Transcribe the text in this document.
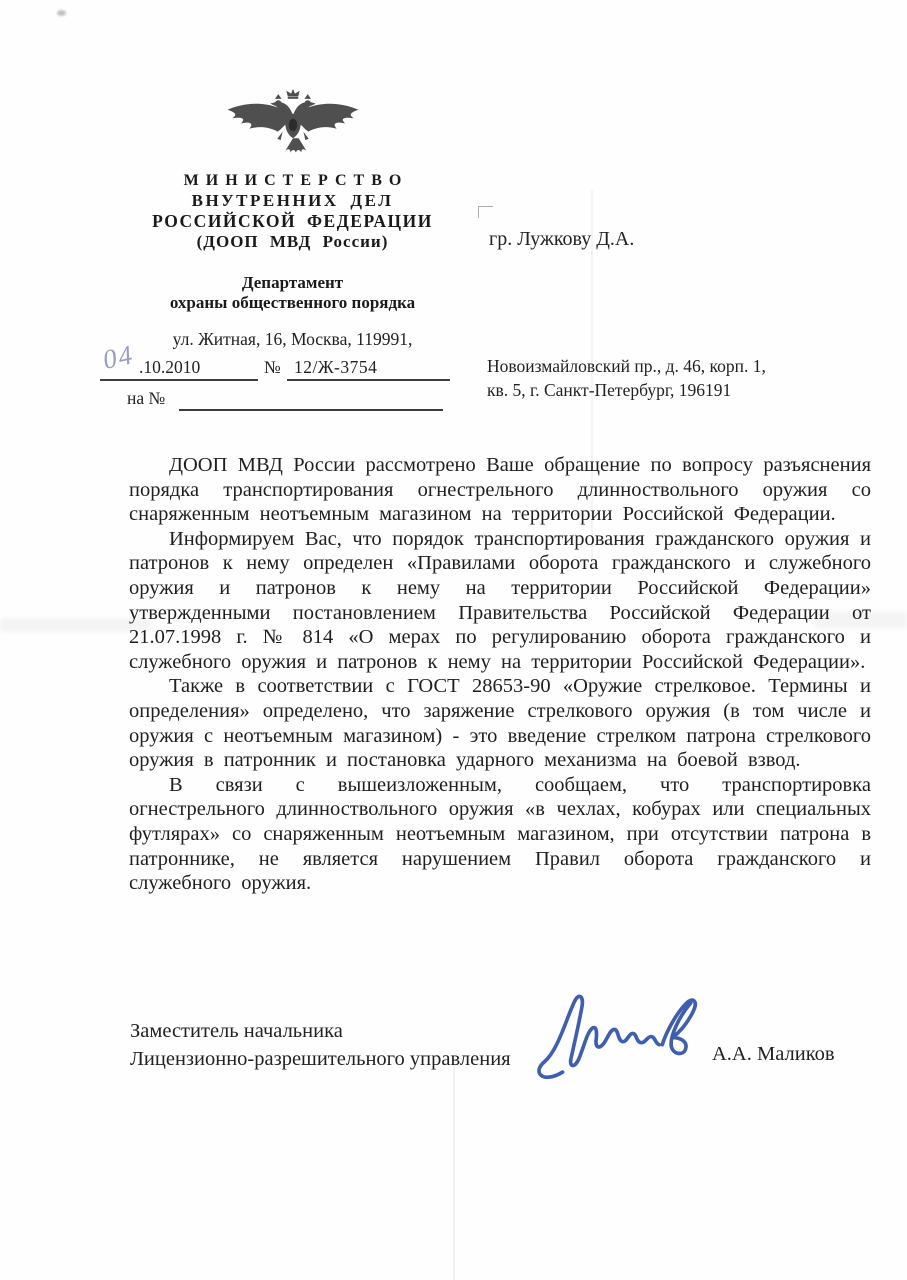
МИНИСТЕРСТВО
ВНУТРЕННИХ ДЕЛ
РОССИЙСКОЙ ФЕДЕРАЦИИ
(ДООП МВД России)
Департамент
охраны общественного порядка
ул. Житная, 16, Москва, 119991,
04 .10.2010	№ 12/Ж-3754
на №
гр. Лужкову Д.А.
Новоизмайловский пр., д. 46, корп. 1,
кв. 5, г. Санкт-Петербург, 196191

ДООП МВД России рассмотрено Ваше обращение по вопросу разъяснения порядка транспортирования огнестрельного длинноствольного оружия со снаряженным неотъемным магазином на территории Российской Федерации.

Информируем Вас, что порядок транспортирования гражданского оружия и патронов к нему определен «Правилами оборота гражданского и служебного оружия и патронов к нему на территории Российской Федерации» утвержденными постановлением Правительства Российской Федерации от 21.07.1998 г. № 814 «О мерах по регулированию оборота гражданского и служебного оружия и патронов к нему на территории Российской Федерации».

Также в соответствии с ГОСТ 28653-90 «Оружие стрелковое. Термины и определения» определено, что заряжение стрелкового оружия (в том числе и оружия с неотъемным магазином) - это введение стрелком патрона стрелкового оружия в патронник и постановка ударного механизма на боевой взвод.

В связи с вышеизложенным, сообщаем, что транспортировка огнестрельного длинноствольного оружия «в чехлах, кобурах или специальных футлярах» со снаряженным неотъемным магазином, при отсутствии патрона в патроннике, не является нарушением Правил оборота гражданского и служебного оружия.

Заместитель начальника
Лицензионно-разрешительного управления	А.А. Маликов
